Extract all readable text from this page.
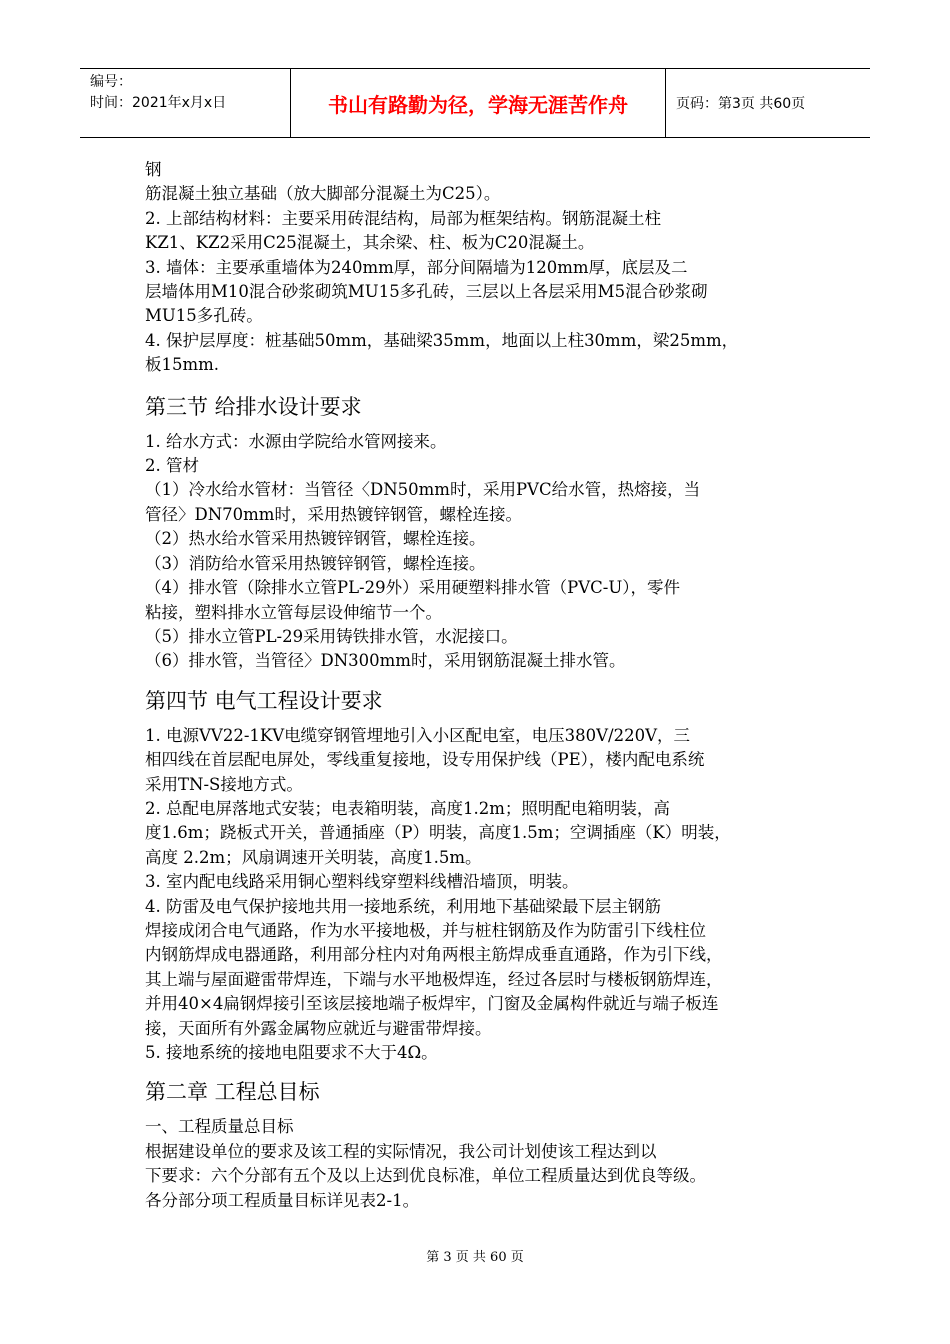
编号：
时间：2021年x月x日	书山有路勤为径，学海无涯苦作舟	页码：第3页 共60页

钢

筋混凝土独立基础（放大脚部分混凝土为C25）。

2. 上部结构材料：主要采用砖混结构，局部为框架结构。钢筋混凝土柱

KZ1、KZ2采用C25混凝土，其余梁、柱、板为C20混凝土。

3. 墙体：主要承重墙体为240mm厚，部分间隔墙为120mm厚，底层及二

层墙体用M10混合砂浆砌筑MU15多孔砖，三层以上各层采用M5混合砂浆砌

MU15多孔砖。

4. 保护层厚度：桩基础50mm，基础梁35mm，地面以上柱30mm，梁25mm，

板15mm.

第三节 给排水设计要求

1. 给水方式：水源由学院给水管网接来。

2. 管材

（1）冷水给水管材：当管径〈DN50mm时，采用PVC给水管，热熔接，当

管径〉DN70mm时，采用热镀锌钢管，螺栓连接。

（2）热水给水管采用热镀锌钢管，螺栓连接。

（3）消防给水管采用热镀锌钢管，螺栓连接。

（4）排水管（除排水立管PL-29外）采用硬塑料排水管（PVC-U），零件

粘接，塑料排水立管每层设伸缩节一个。

（5）排水立管PL-29采用铸铁排水管，水泥接口。

（6）排水管，当管径〉DN300mm时，采用钢筋混凝土排水管。

第四节 电气工程设计要求

1. 电源VV22-1KV电缆穿钢管埋地引入小区配电室，电压380V/220V，三

相四线在首层配电屏处，零线重复接地，设专用保护线（PE），楼内配电系统

采用TN-S接地方式。

2. 总配电屏落地式安装；电表箱明装，高度1.2m；照明配电箱明装，高

度1.6m；跷板式开关，普通插座（P）明装，高度1.5m；空调插座（K）明装，

高度 2.2m；风扇调速开关明装，高度1.5m。

3. 室内配电线路采用铜心塑料线穿塑料线槽沿墙顶，明装。

4. 防雷及电气保护接地共用一接地系统，利用地下基础梁最下层主钢筋

焊接成闭合电气通路，作为水平接地极，并与桩柱钢筋及作为防雷引下线柱位

内钢筋焊成电器通路，利用部分柱内对角两根主筋焊成垂直通路，作为引下线，

其上端与屋面避雷带焊连，下端与水平地极焊连，经过各层时与楼板钢筋焊连，

并用40×4扁钢焊接引至该层接地端子板焊牢，门窗及金属构件就近与端子板连

接，天面所有外露金属物应就近与避雷带焊接。

5. 接地系统的接地电阻要求不大于4Ω。

第二章 工程总目标

一、工程质量总目标

根据建设单位的要求及该工程的实际情况，我公司计划使该工程达到以

下要求：六个分部有五个及以上达到优良标准，单位工程质量达到优良等级。

各分部分项工程质量目标详见表2-1。

第 3 页 共 60 页
